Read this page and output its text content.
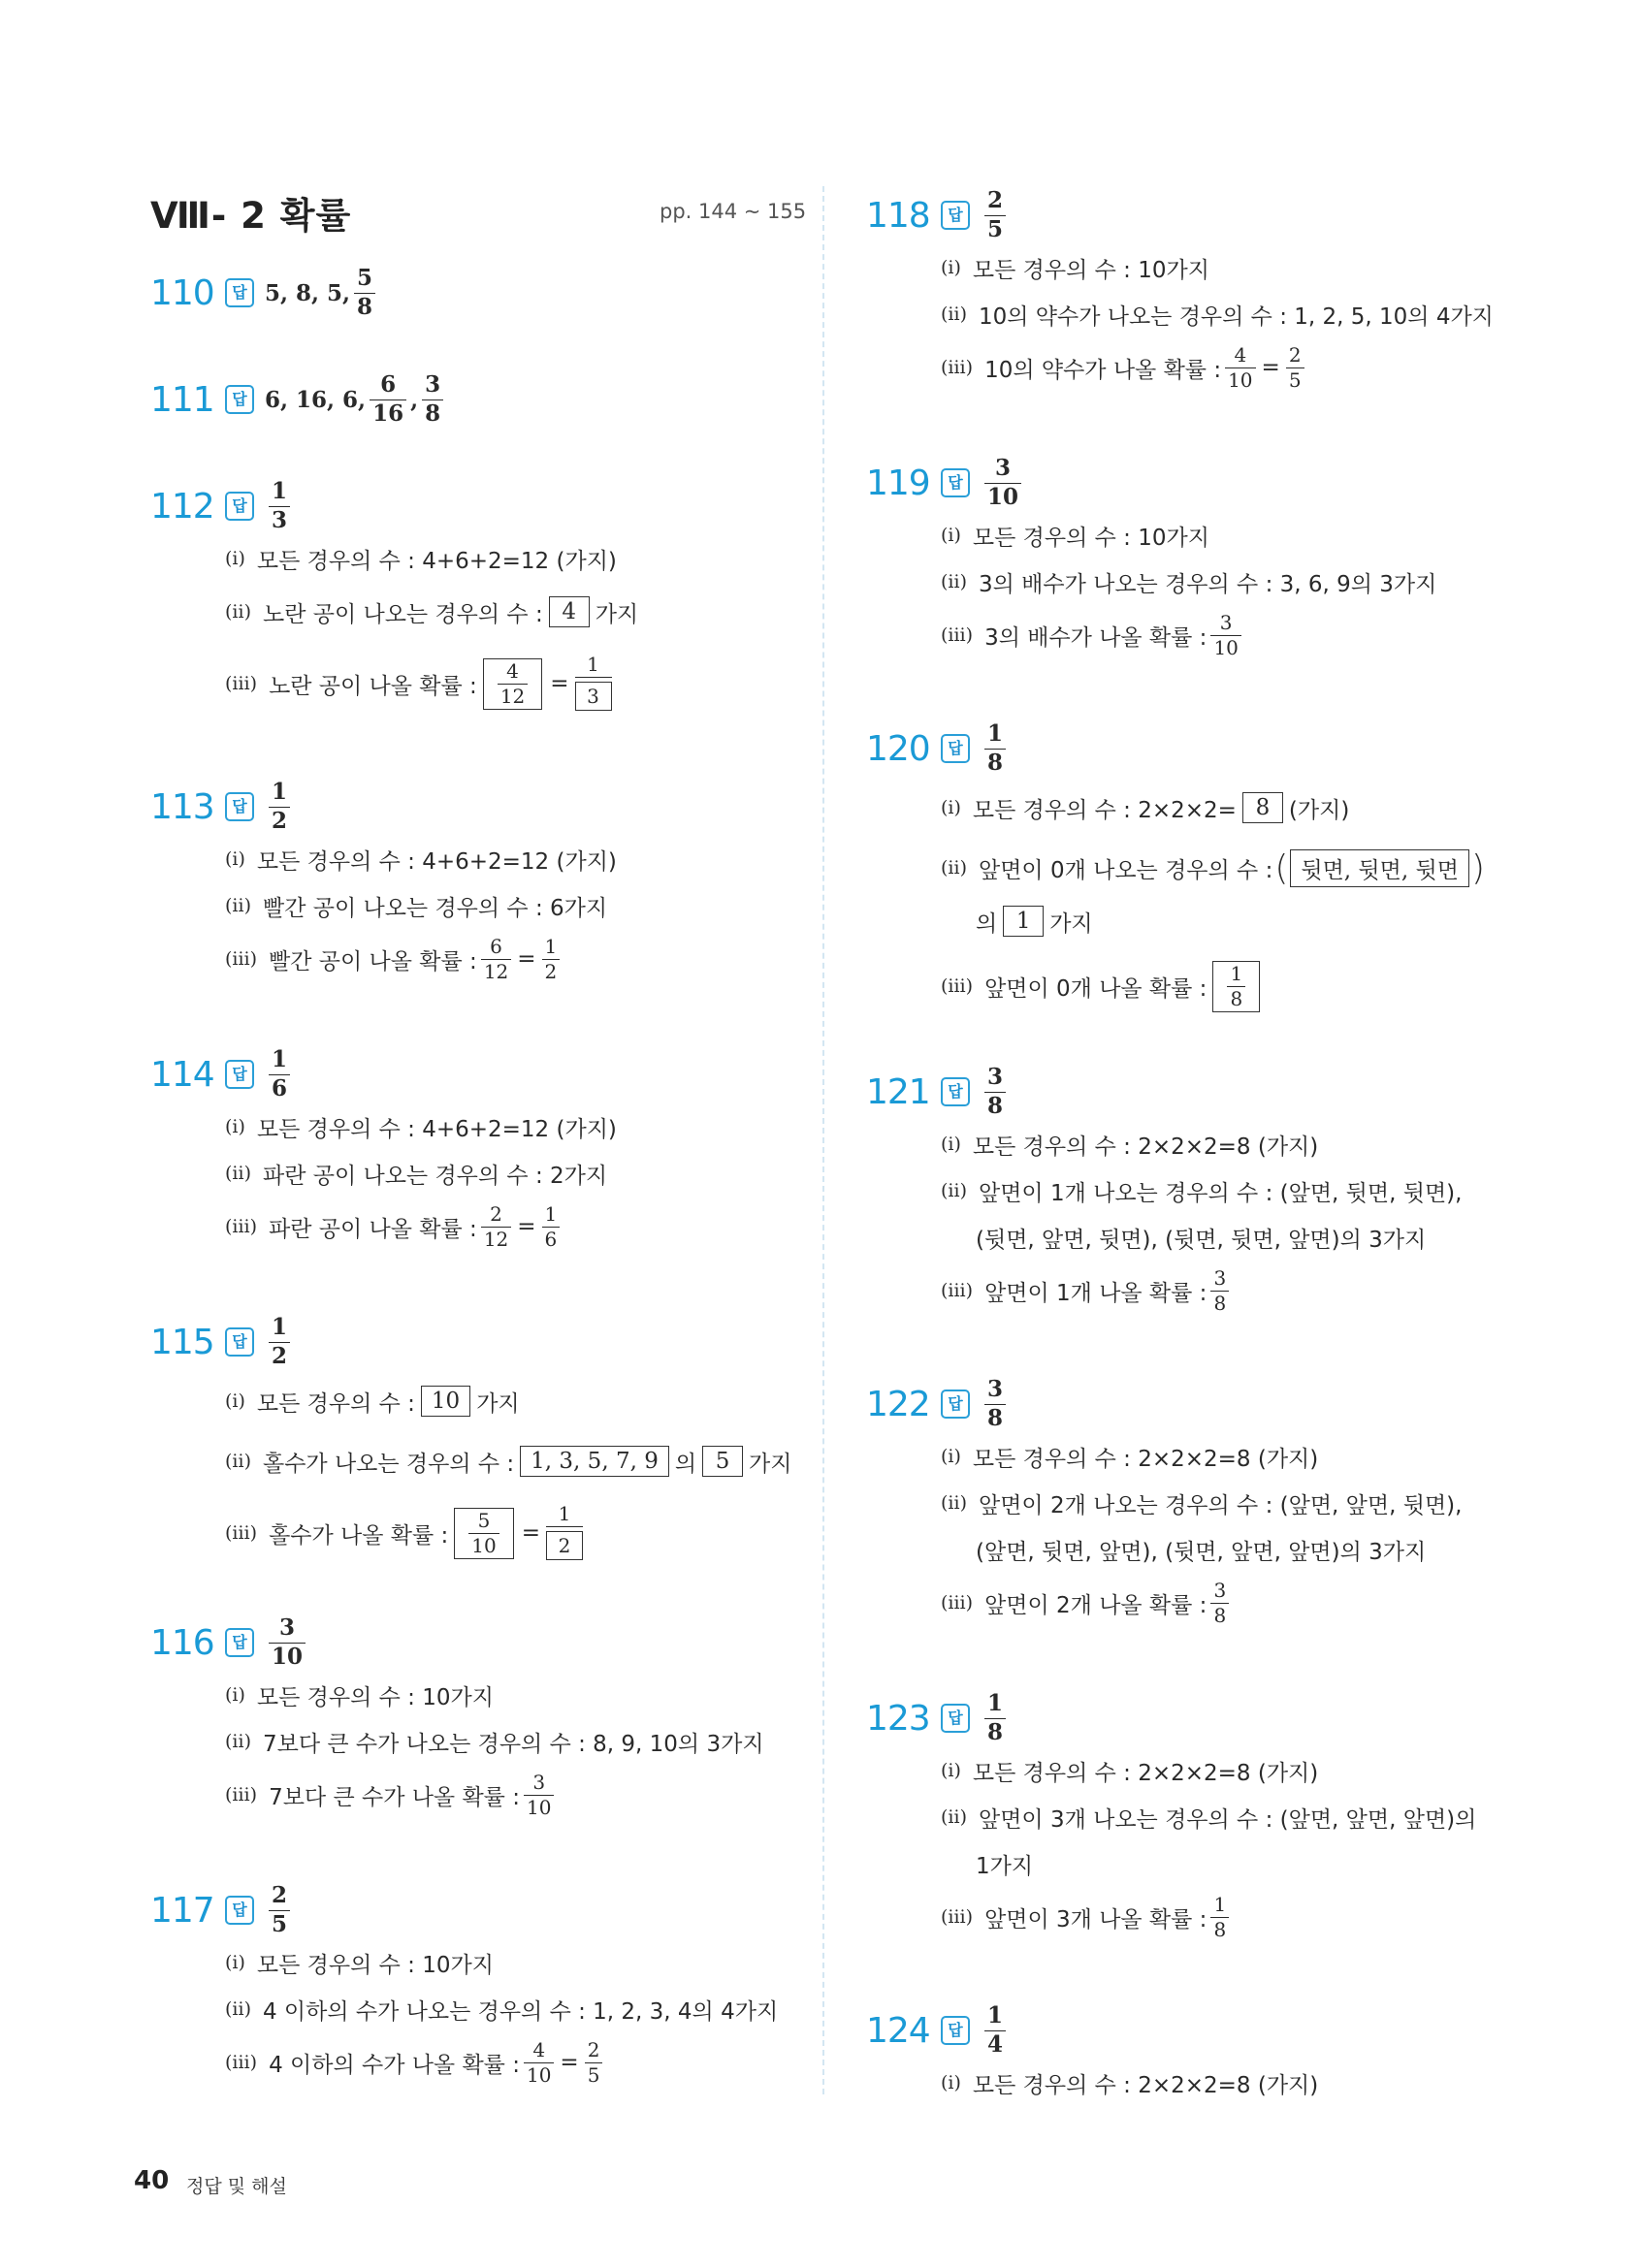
Ⅷ- 2 확률	pp. 144 ~ 155
110	답 5, 8, 5, $\frac{5}{8}$
111	답 6, 16, 6, $\frac{6}{16}$ , $\frac{3}{8}$
112	답 $\frac{1}{3}$
(ⅰ) 모든 경우의 수 : 4+6+2=12 (가지)
(ⅱ) 노란 공이 나오는 경우의 수 : 4 가지
(ⅲ) 노란 공이 나올 확률 : $\frac{4}{12} = \frac{1}{3}$
113	답 $\frac{1}{2}$
(ⅰ) 모든 경우의 수 : 4+6+2=12 (가지)
(ⅱ) 빨간 공이 나오는 경우의 수 : 6가지
(ⅲ) 빨간 공이 나올 확률 : $\frac{6}{12} = \frac{1}{2}$
114	답 $\frac{1}{6}$
(ⅰ) 모든 경우의 수 : 4+6+2=12 (가지)
(ⅱ) 파란 공이 나오는 경우의 수 : 2가지
(ⅲ) 파란 공이 나올 확률 : $\frac{2}{12} = \frac{1}{6}$
115	답 $\frac{1}{2}$
(ⅰ) 모든 경우의 수 : 10 가지
(ⅱ) 홀수가 나오는 경우의 수 : 1, 3, 5, 7, 9 의 5 가지
(ⅲ) 홀수가 나올 확률 : $\frac{5}{10} = \frac{1}{2}$
116	답 $\frac{3}{10}$
(ⅰ) 모든 경우의 수 : 10가지
(ⅱ) 7보다 큰 수가 나오는 경우의 수 : 8, 9, 10의 3가지
(ⅲ) 7보다 큰 수가 나올 확률 : $\frac{3}{10}$
117	답 $\frac{2}{5}$
(ⅰ) 모든 경우의 수 : 10가지
(ⅱ) 4 이하의 수가 나오는 경우의 수 : 1, 2, 3, 4의 4가지
(ⅲ) 4 이하의 수가 나올 확률 : $\frac{4}{10} = \frac{2}{5}$
118	답 $\frac{2}{5}$
(ⅰ) 모든 경우의 수 : 10가지
(ⅱ) 10의 약수가 나오는 경우의 수 : 1, 2, 5, 10의 4가지
(ⅲ) 10의 약수가 나올 확률 : $\frac{4}{10} = \frac{2}{5}$
119	답 $\frac{3}{10}$
(ⅰ) 모든 경우의 수 : 10가지
(ⅱ) 3의 배수가 나오는 경우의 수 : 3, 6, 9의 3가지
(ⅲ) 3의 배수가 나올 확률 : $\frac{3}{10}$
120	답 $\frac{1}{8}$
(ⅰ) 모든 경우의 수 : 2×2×2= 8 (가지)
(ⅱ) 앞면이 0개 나오는 경우의 수 : ( 뒷면, 뒷면, 뒷면 )
의 1 가지
(ⅲ) 앞면이 0개 나올 확률 : $\frac{1}{8}$
121	답 $\frac{3}{8}$
(ⅰ) 모든 경우의 수 : 2×2×2=8 (가지)
(ⅱ) 앞면이 1개 나오는 경우의 수 : (앞면, 뒷면, 뒷면),
(뒷면, 앞면, 뒷면), (뒷면, 뒷면, 앞면)의 3가지
(ⅲ) 앞면이 1개 나올 확률 : $\frac{3}{8}$
122	답 $\frac{3}{8}$
(ⅰ) 모든 경우의 수 : 2×2×2=8 (가지)
(ⅱ) 앞면이 2개 나오는 경우의 수 : (앞면, 앞면, 뒷면),
(앞면, 뒷면, 앞면), (뒷면, 앞면, 앞면)의 3가지
(ⅲ) 앞면이 2개 나올 확률 : $\frac{3}{8}$
123	답 $\frac{1}{8}$
(ⅰ) 모든 경우의 수 : 2×2×2=8 (가지)
(ⅱ) 앞면이 3개 나오는 경우의 수 : (앞면, 앞면, 앞면)의
1가지
(ⅲ) 앞면이 3개 나올 확률 : $\frac{1}{8}$
124	답 $\frac{1}{4}$
(ⅰ) 모든 경우의 수 : 2×2×2=8 (가지)
40 정답 및 해설
